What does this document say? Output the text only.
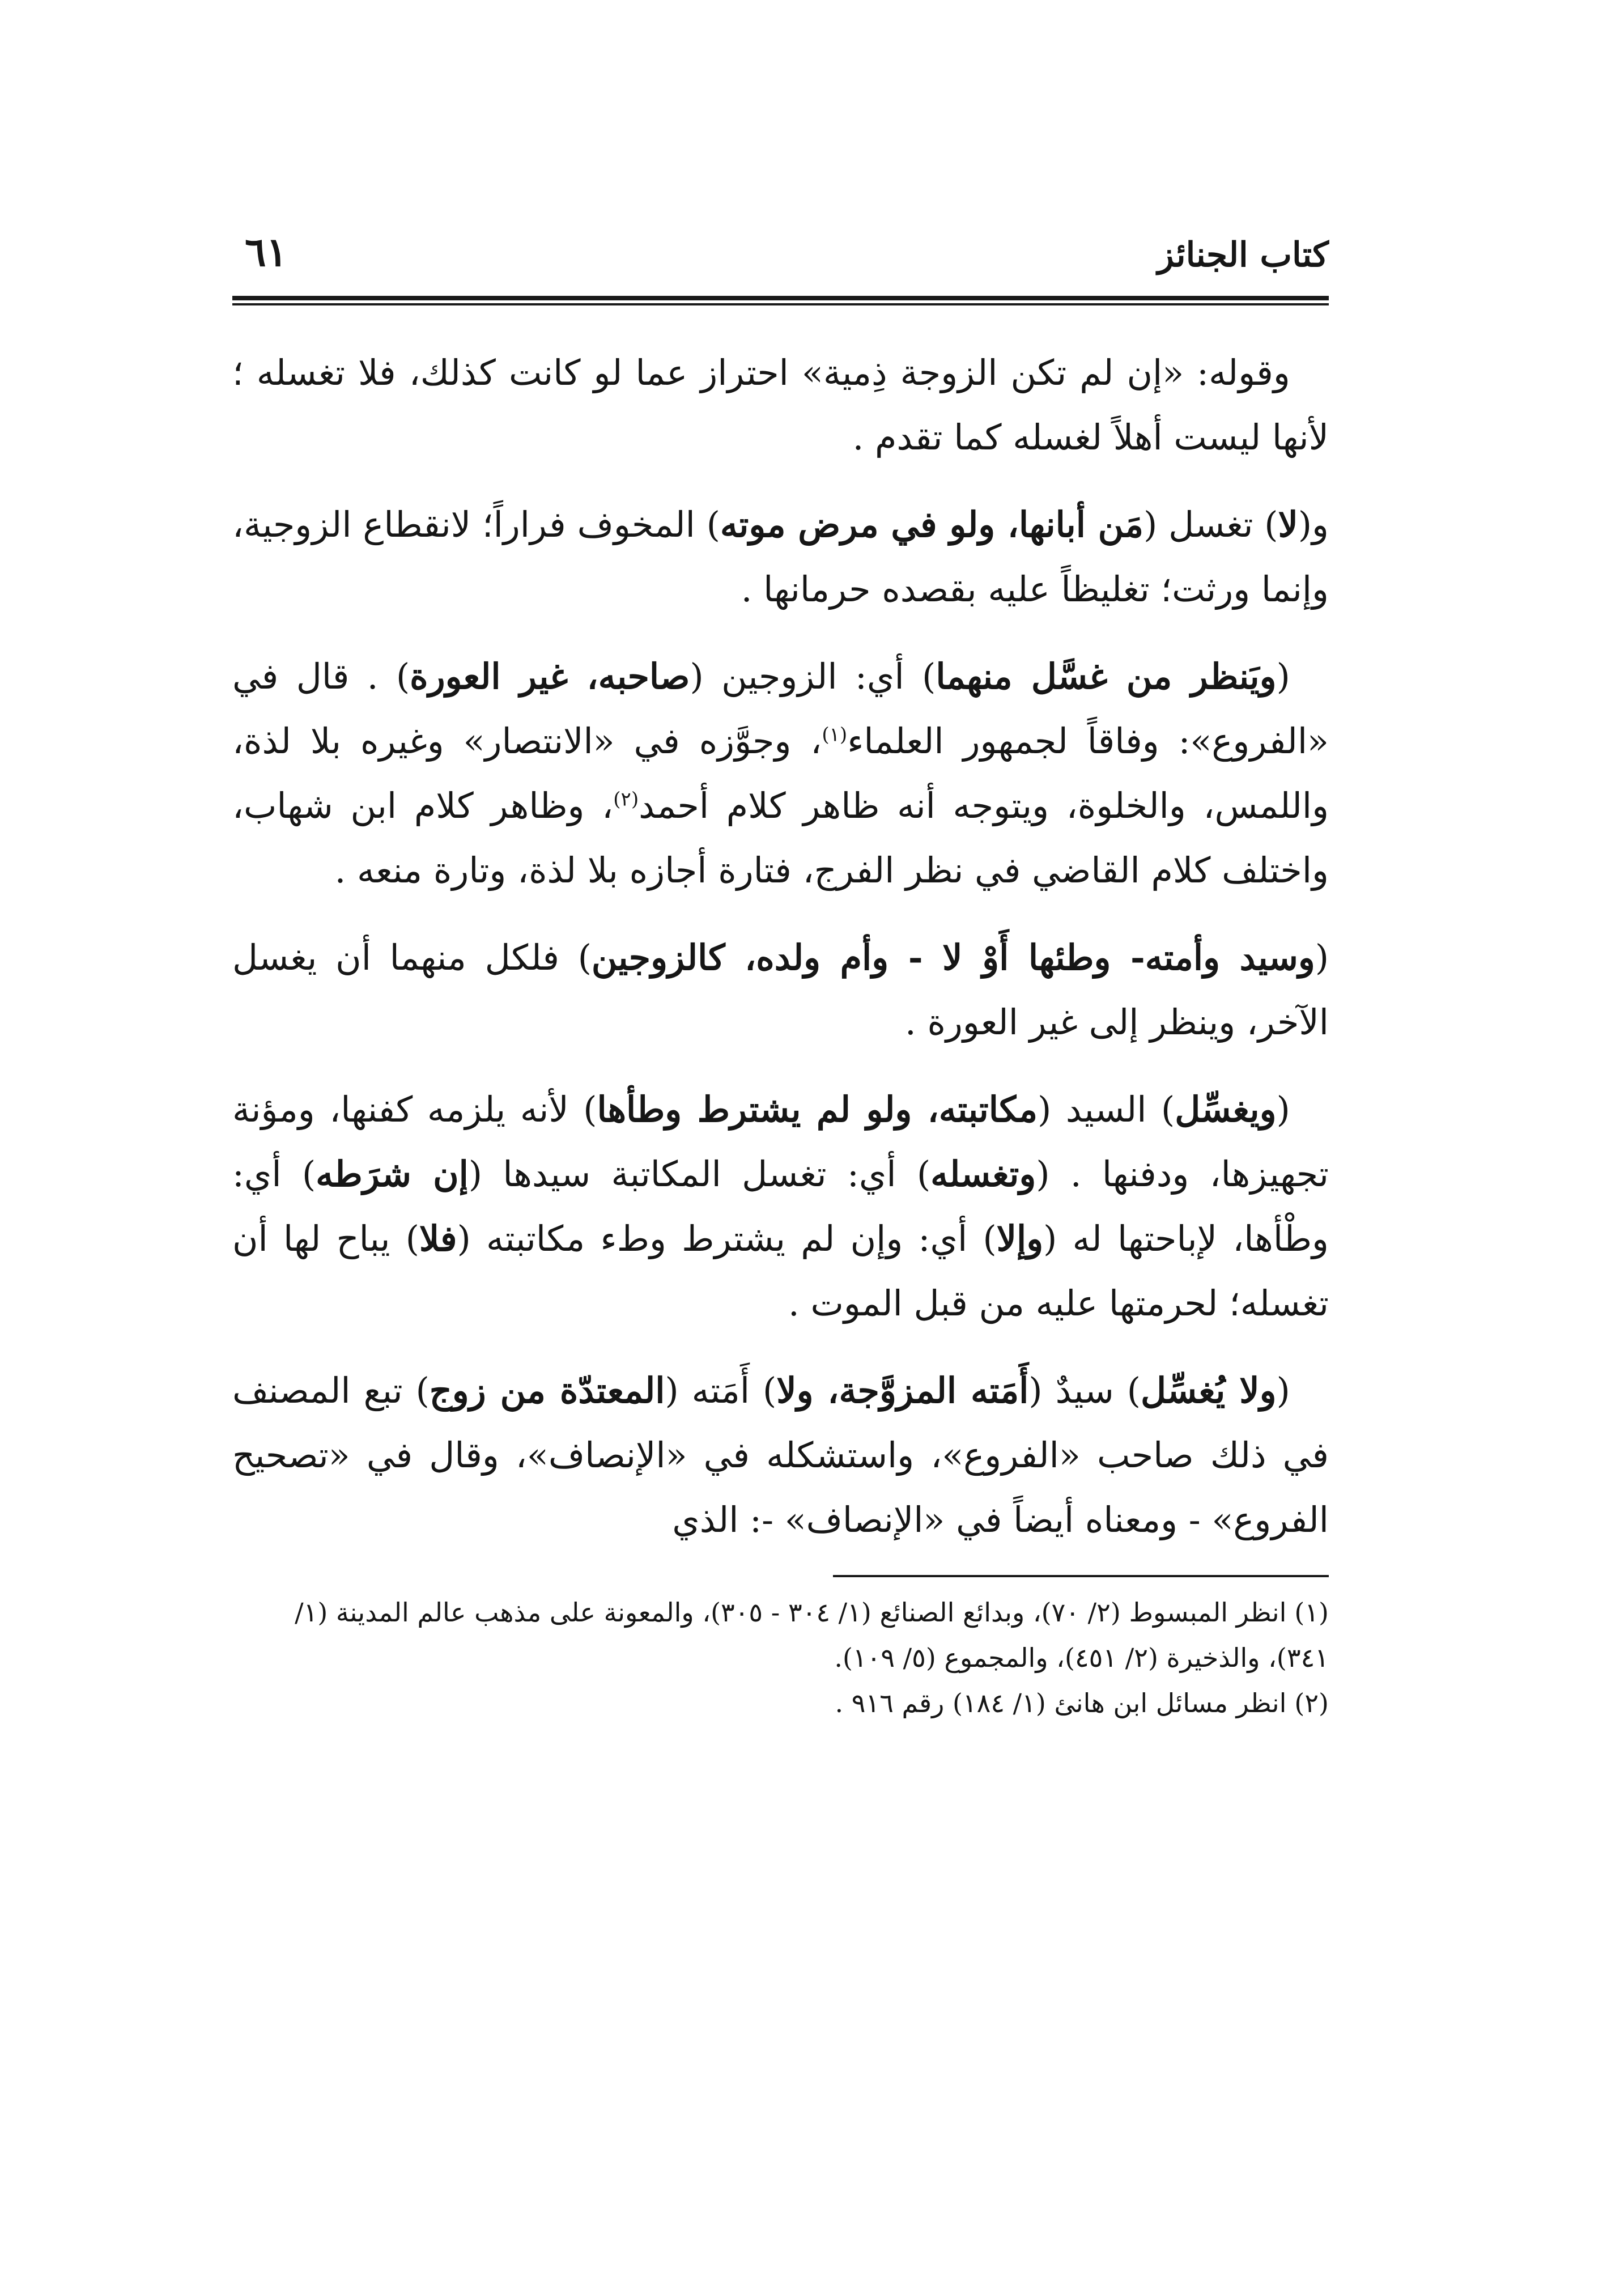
كتاب الجنائز
٦١

وقوله: «إن لم تكن الزوجة ذِمية» احتراز عما لو كانت كذلك، فلا تغسله ؛ لأنها ليست أهلاً لغسله كما تقدم .

و(لا) تغسل (مَن أبانها، ولو في مرض موته) المخوف فراراً؛ لانقطاع الزوجية، وإنما ورثت؛ تغليظاً عليه بقصده حرمانها .

(ويَنظر من غسَّل منهما) أي: الزوجين (صاحبه، غير العورة) . قال في «الفروع»: وفاقاً لجمهور العلماء$^{(١)}$، وجوَّزه في «الانتصار» وغيره بلا لذة، واللمس، والخلوة، ويتوجه أنه ظاهر كلام أحمد$^{(٢)}$، وظاهر كلام ابن شهاب، واختلف كلام القاضي في نظر الفرج، فتارة أجازه بلا لذة، وتارة منعه .

(وسيد وأمته- وطئها أَوْ لا - وأم ولده، كالزوجين) فلكل منهما أن يغسل الآخر، وينظر إلى غير العورة .

(ويغسِّل) السيد (مكاتبته، ولو لم يشترط وطأها) لأنه يلزمه كفنها، ومؤنة تجهيزها، ودفنها . (وتغسله) أي: تغسل المكاتبة سيدها (إن شرَطه) أي: وطْأها، لإباحتها له (وإلا) أي: وإن لم يشترط وطء مكاتبته (فلا) يباح لها أن تغسله؛ لحرمتها عليه من قبل الموت .

(ولا يُغسِّل) سيدٌ (أَمَته المزوَّجة، ولا) أَمَته (المعتدّة من زوج) تبع المصنف في ذلك صاحب «الفروع»، واستشكله في «الإنصاف»، وقال في «تصحيح الفروع» - ومعناه أيضاً في «الإنصاف» -: الذي

(١)انظر المبسوط (٢/ ٧٠)، وبدائع الصنائع (١/ ٣٠٤ - ٣٠٥)، والمعونة على مذهب عالم المدينة (١/ ٣٤١)، والذخيرة (٢/ ٤٥١)، والمجموع (٥/ ١٠٩).

(٢)انظر مسائل ابن هانئ (١/ ١٨٤) رقم ٩١٦ .
